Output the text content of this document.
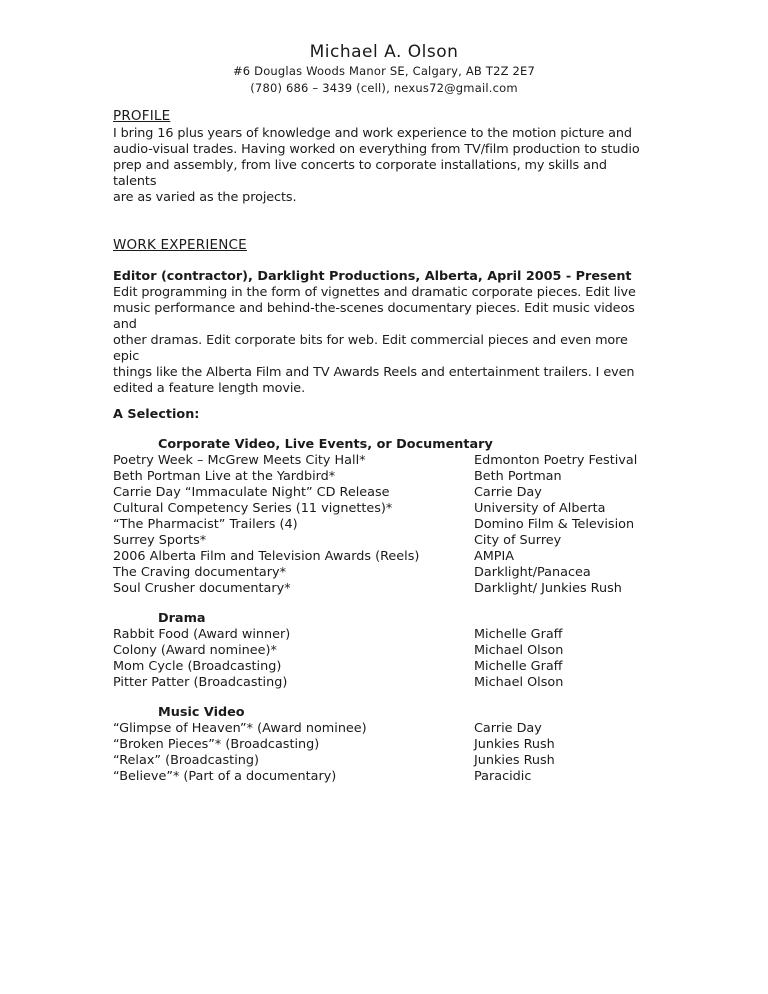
Michael A. Olson
#6 Douglas Woods Manor SE, Calgary, AB T2Z 2E7
(780) 686 – 3439 (cell), nexus72@gmail.com
PROFILE
I bring 16 plus years of knowledge and work experience to the motion picture and
audio-visual trades. Having worked on everything from TV/film production to studio
prep and assembly, from live concerts to corporate installations, my skills and talents
are as varied as the projects.
WORK EXPERIENCE
Editor (contractor), Darklight Productions, Alberta, April 2005 - Present
Edit programming in the form of vignettes and dramatic corporate pieces. Edit live
music performance and behind-the-scenes documentary pieces. Edit music videos and
other dramas. Edit corporate bits for web. Edit commercial pieces and even more epic
things like the Alberta Film and TV Awards Reels and entertainment trailers. I even
edited a feature length movie.
A Selection:
Corporate Video, Live Events, or Documentary
Poetry Week – McGrew Meets City Hall*	Edmonton Poetry Festival
Beth Portman Live at the Yardbird*	Beth Portman
Carrie Day “Immaculate Night” CD Release	Carrie Day
Cultural Competency Series (11 vignettes)*	University of Alberta
“The Pharmacist” Trailers (4)	Domino Film & Television
Surrey Sports*	City of Surrey
2006 Alberta Film and Television Awards (Reels)	AMPIA
The Craving documentary*	Darklight/Panacea
Soul Crusher documentary*	Darklight/ Junkies Rush
Drama
Rabbit Food (Award winner)	Michelle Graff
Colony (Award nominee)*	Michael Olson
Mom Cycle (Broadcasting)	Michelle Graff
Pitter Patter (Broadcasting)	Michael Olson
Music Video
“Glimpse of Heaven”* (Award nominee)	Carrie Day
“Broken Pieces”* (Broadcasting)	Junkies Rush
“Relax” (Broadcasting)	Junkies Rush
“Believe”* (Part of a documentary)	Paracidic
